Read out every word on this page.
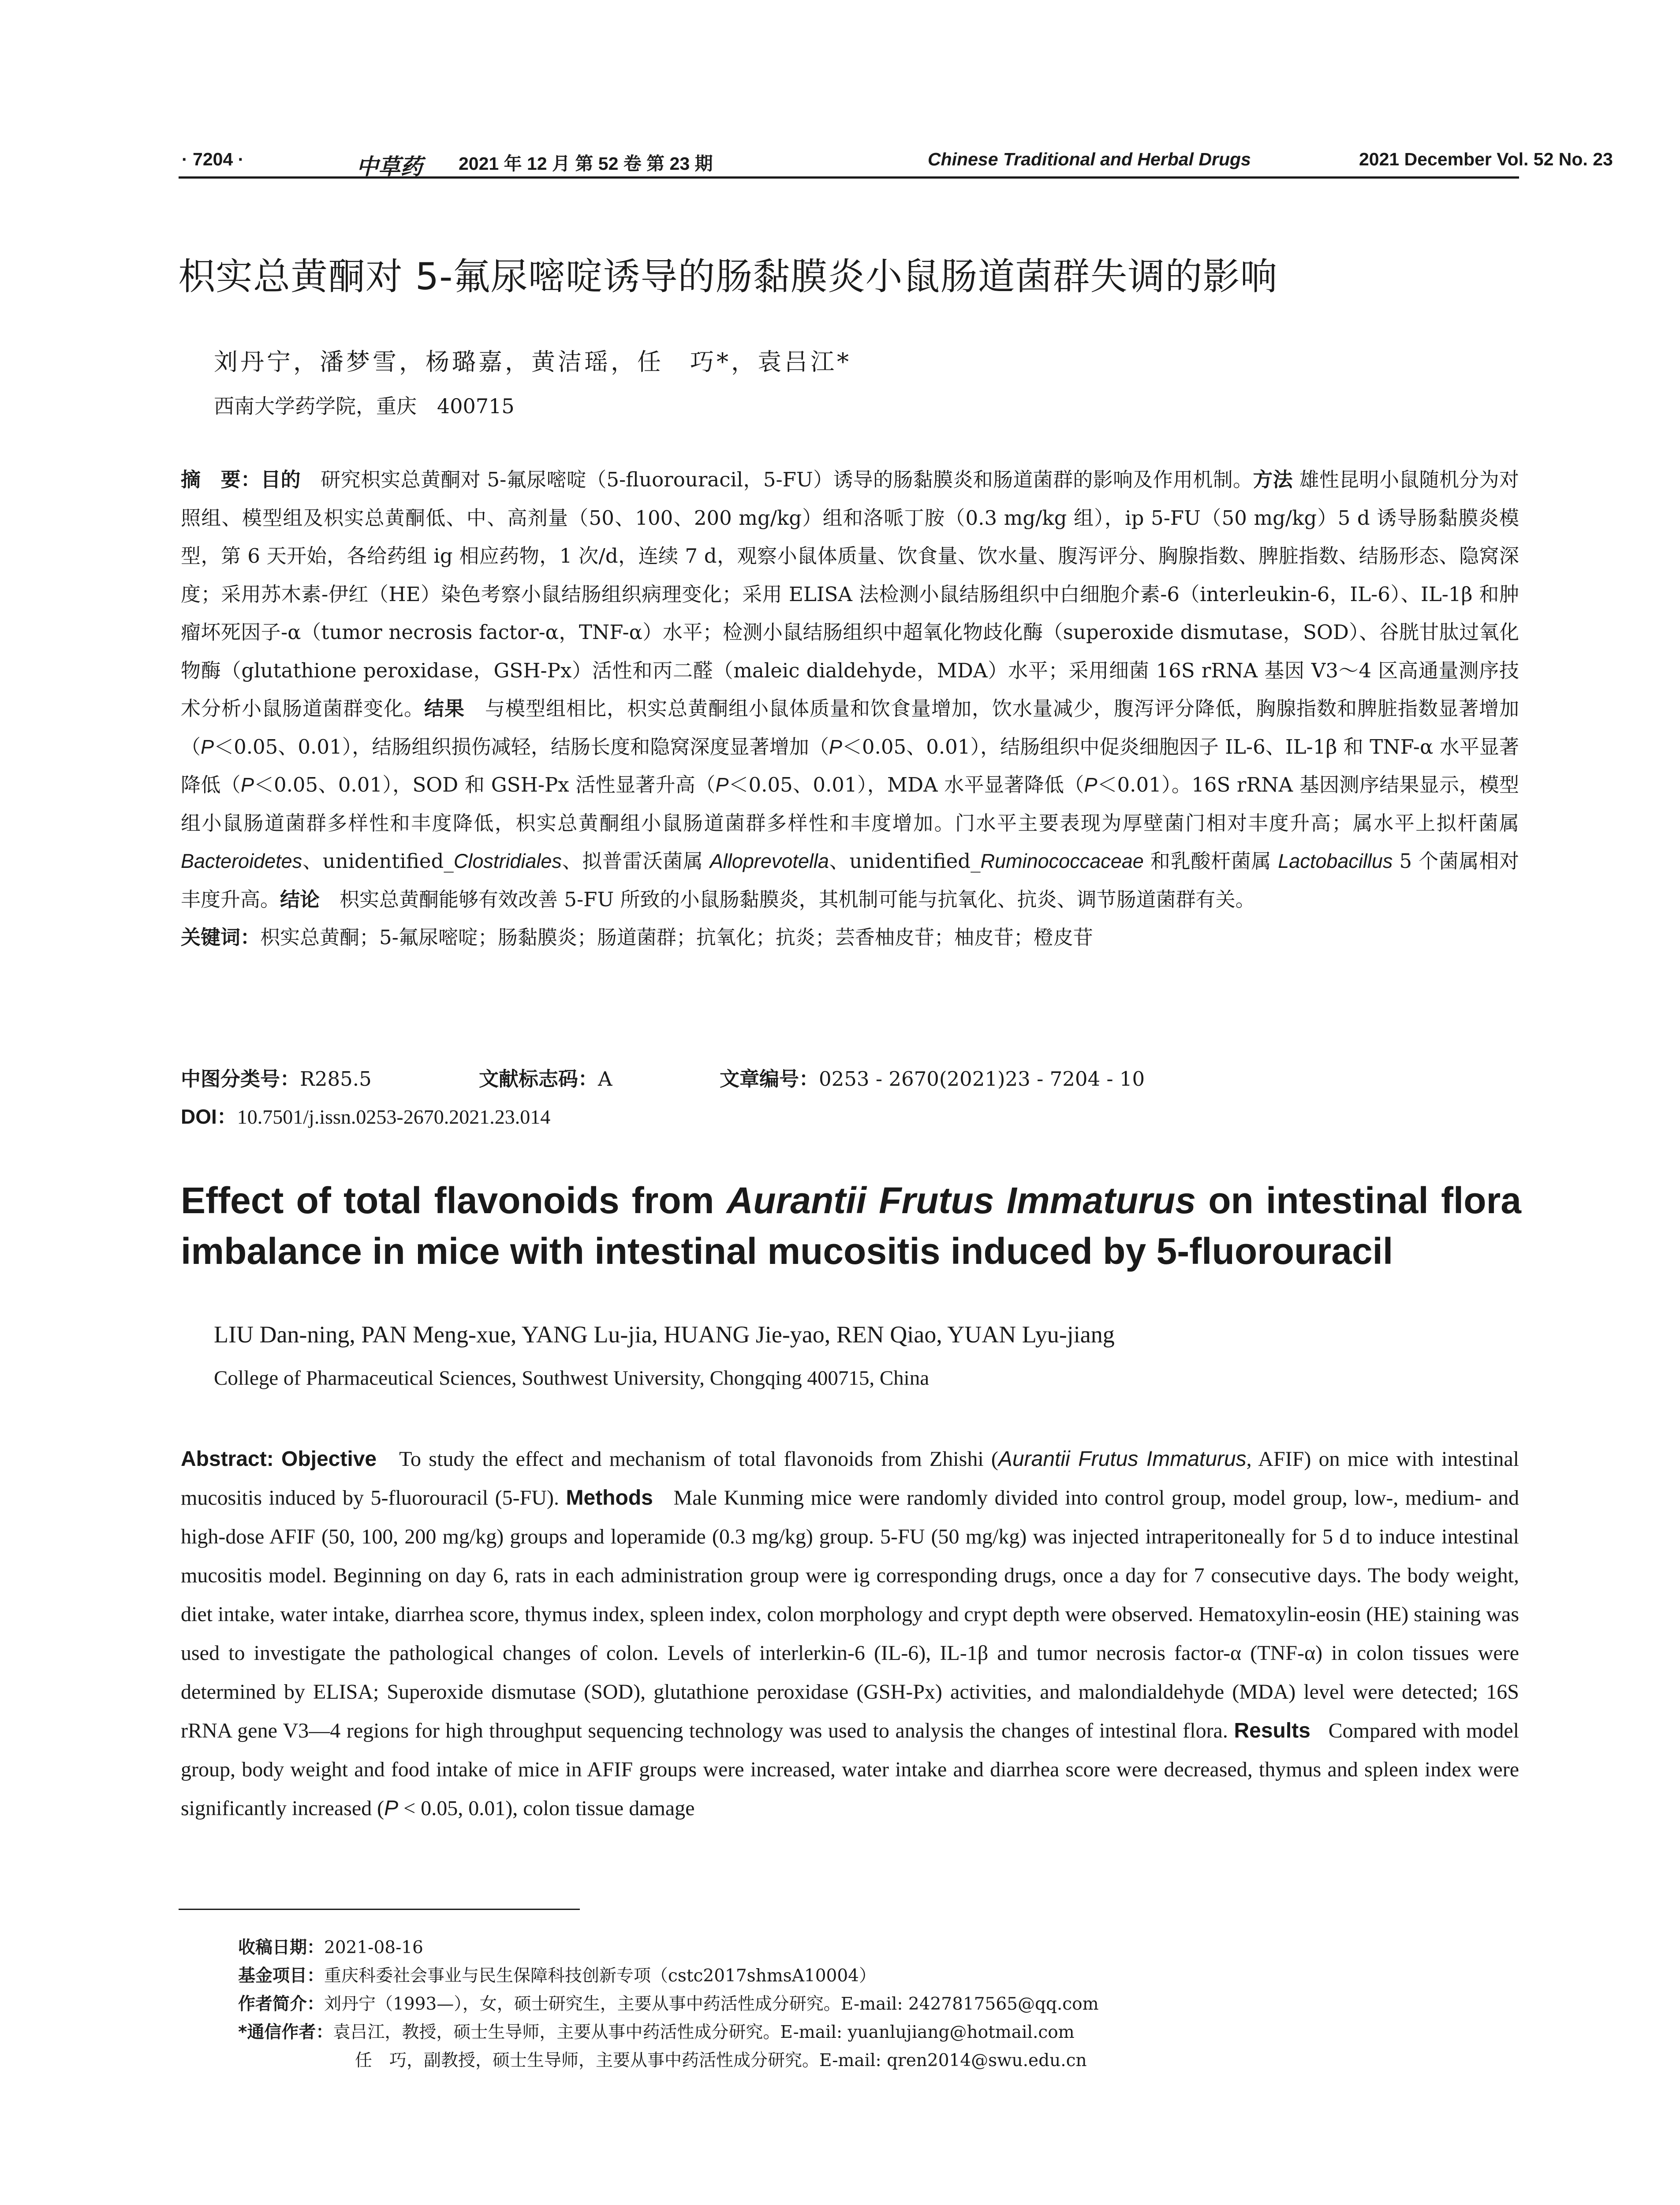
· 7204 ·	中草药 2021 年 12 月 第 52 卷 第 23 期	Chinese Traditional and Herbal Drugs	2021 December Vol. 52 No. 23
枳实总黄酮对 5-氟尿嘧啶诱导的肠黏膜炎小鼠肠道菌群失调的影响
刘丹宁，潘梦雪，杨璐嘉，黄洁瑶，任　巧*，袁吕江*
西南大学药学院，重庆　400715

摘　要：目的　 研究枳实总黄酮对 5-氟尿嘧啶（5-fluorouracil，5-FU）诱导的肠黏膜炎和肠道菌群的影响及作用机制。方法 雄性昆明小鼠随机分为对照组、模型组及枳实总黄酮低、中、高剂量（50、100、200 mg/kg）组和洛哌丁胺（0.3 mg/kg 组），ip 5-FU（50 mg/kg）5 d 诱导肠黏膜炎模型，第 6 天开始，各给药组 ig 相应药物，1 次/d，连续 7 d，观察小鼠体质量、饮食量、饮水量、腹泻评分、胸腺指数、脾脏指数、结肠形态、隐窝深度；采用苏木素-伊红（HE）染色考察小鼠结肠组织病理变化；采用 ELISA 法检测小鼠结肠组织中白细胞介素-6（interleukin-6，IL-6）、IL-1β 和肿瘤坏死因子-α（tumor necrosis factor-α，TNF-α）水平；检测小鼠结肠组织中超氧化物歧化酶（superoxide dismutase，SOD）、谷胱甘肽过氧化物酶（glutathione peroxidase，GSH-Px）活性和丙二醛（maleic dialdehyde，MDA）水平；采用细菌 16S rRNA 基因 V3～4 区高通量测序技术分析小鼠肠道菌群变化。结果　 与模型组相比，枳实总黄酮组小鼠体质量和饮食量增加，饮水量减少，腹泻评分降低，胸腺指数和脾脏指数显著增加（P＜0.05、0.01），结肠组织损伤减轻，结肠长度和隐窝深度显著增加（P＜0.05、0.01），结肠组织中促炎细胞因子 IL-6、IL-1β 和 TNF-α 水平显著降低（P＜0.05、0.01），SOD 和 GSH-Px 活性显著升高（P＜0.05、0.01），MDA 水平显著降低（P＜0.01）。16S rRNA 基因测序结果显示，模型组小鼠肠道菌群多样性和丰度降低，枳实总黄酮组小鼠肠道菌群多样性和丰度增加。门水平主要表现为厚壁菌门相对丰度升高；属水平上拟杆菌属 Bacteroidetes、unidentified_Clostridiales、拟普雷沃菌属 Alloprevotella、unidentified_Ruminococcaceae 和乳酸杆菌属 Lactobacillus 5 个菌属相对丰度升高。结论　 枳实总黄酮能够有效改善 5-FU 所致的小鼠肠黏膜炎，其机制可能与抗氧化、抗炎、调节肠道菌群有关。

关键词：枳实总黄酮；5-氟尿嘧啶；肠黏膜炎；肠道菌群；抗氧化；抗炎；芸香柚皮苷；柚皮苷；橙皮苷

中图分类号：R285.5	文献标志码：A	文章编号：0253 - 2670(2021)23 - 7204 - 10
DOI：10.7501/j.issn.0253-2670.2021.23.014
Effect of total flavonoids from Aurantii Frutus Immaturus on intestinal flora
imbalance in mice with intestinal mucositis induced by 5-fluorouracil
LIU Dan-ning, PAN Meng-xue, YANG Lu-jia, HUANG Jie-yao, REN Qiao, YUAN Lyu-jiang
College of Pharmaceutical Sciences, Southwest University, Chongqing 400715, China
Abstract: Objective To study the effect and mechanism of total flavonoids from Zhishi (Aurantii Frutus Immaturus, AFIF) on mice with intestinal mucositis induced by 5-fluorouracil (5-FU). Methods Male Kunming mice were randomly divided into control group, model group, low-, medium- and high-dose AFIF (50, 100, 200 mg/kg) groups and loperamide (0.3 mg/kg) group. 5-FU (50 mg/kg) was injected intraperitoneally for 5 d to induce intestinal mucositis model. Beginning on day 6, rats in each administration group were ig corresponding drugs, once a day for 7 consecutive days. The body weight, diet intake, water intake, diarrhea score, thymus index, spleen index, colon morphology and crypt depth were observed. Hematoxylin-eosin (HE) staining was used to investigate the pathological changes of colon. Levels of interlerkin-6 (IL-6), IL-1β and tumor necrosis factor-α (TNF-α) in colon tissues were determined by ELISA; Superoxide dismutase (SOD), glutathione peroxidase (GSH-Px) activities, and malondialdehyde (MDA) level were detected; 16S rRNA gene V3—4 regions for high throughput sequencing technology was used to analysis the changes of intestinal flora. Results Compared with model group, body weight and food intake of mice in AFIF groups were increased, water intake and diarrhea score were decreased, thymus and spleen index were significantly increased (P < 0.05, 0.01), colon tissue damage
收稿日期：2021-08-16
基金项目：重庆科委社会事业与民生保障科技创新专项（cstc2017shmsA10004）
作者简介：刘丹宁（1993—），女，硕士研究生，主要从事中药活性成分研究。E-mail: 2427817565@qq.com
*通信作者：袁吕江，教授，硕士生导师，主要从事中药活性成分研究。E-mail: yuanlujiang@hotmail.com
任　巧，副教授，硕士生导师，主要从事中药活性成分研究。E-mail: qren2014@swu.edu.cn
